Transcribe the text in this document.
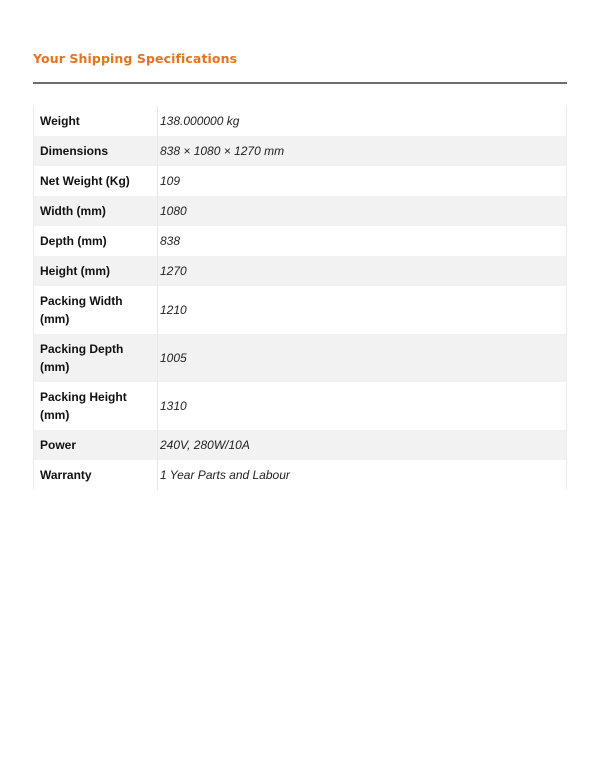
Your Shipping Specifications
Weight	138.000000 kg
Dimensions	838 × 1080 × 1270 mm
Net Weight (Kg)	109
Width (mm)	1080
Depth (mm)	838
Height (mm)	1270
Packing Width (mm)	1210
Packing Depth (mm)	1005
Packing Height (mm)	1310
Power	240V, 280W/10A
Warranty	1 Year Parts and Labour
